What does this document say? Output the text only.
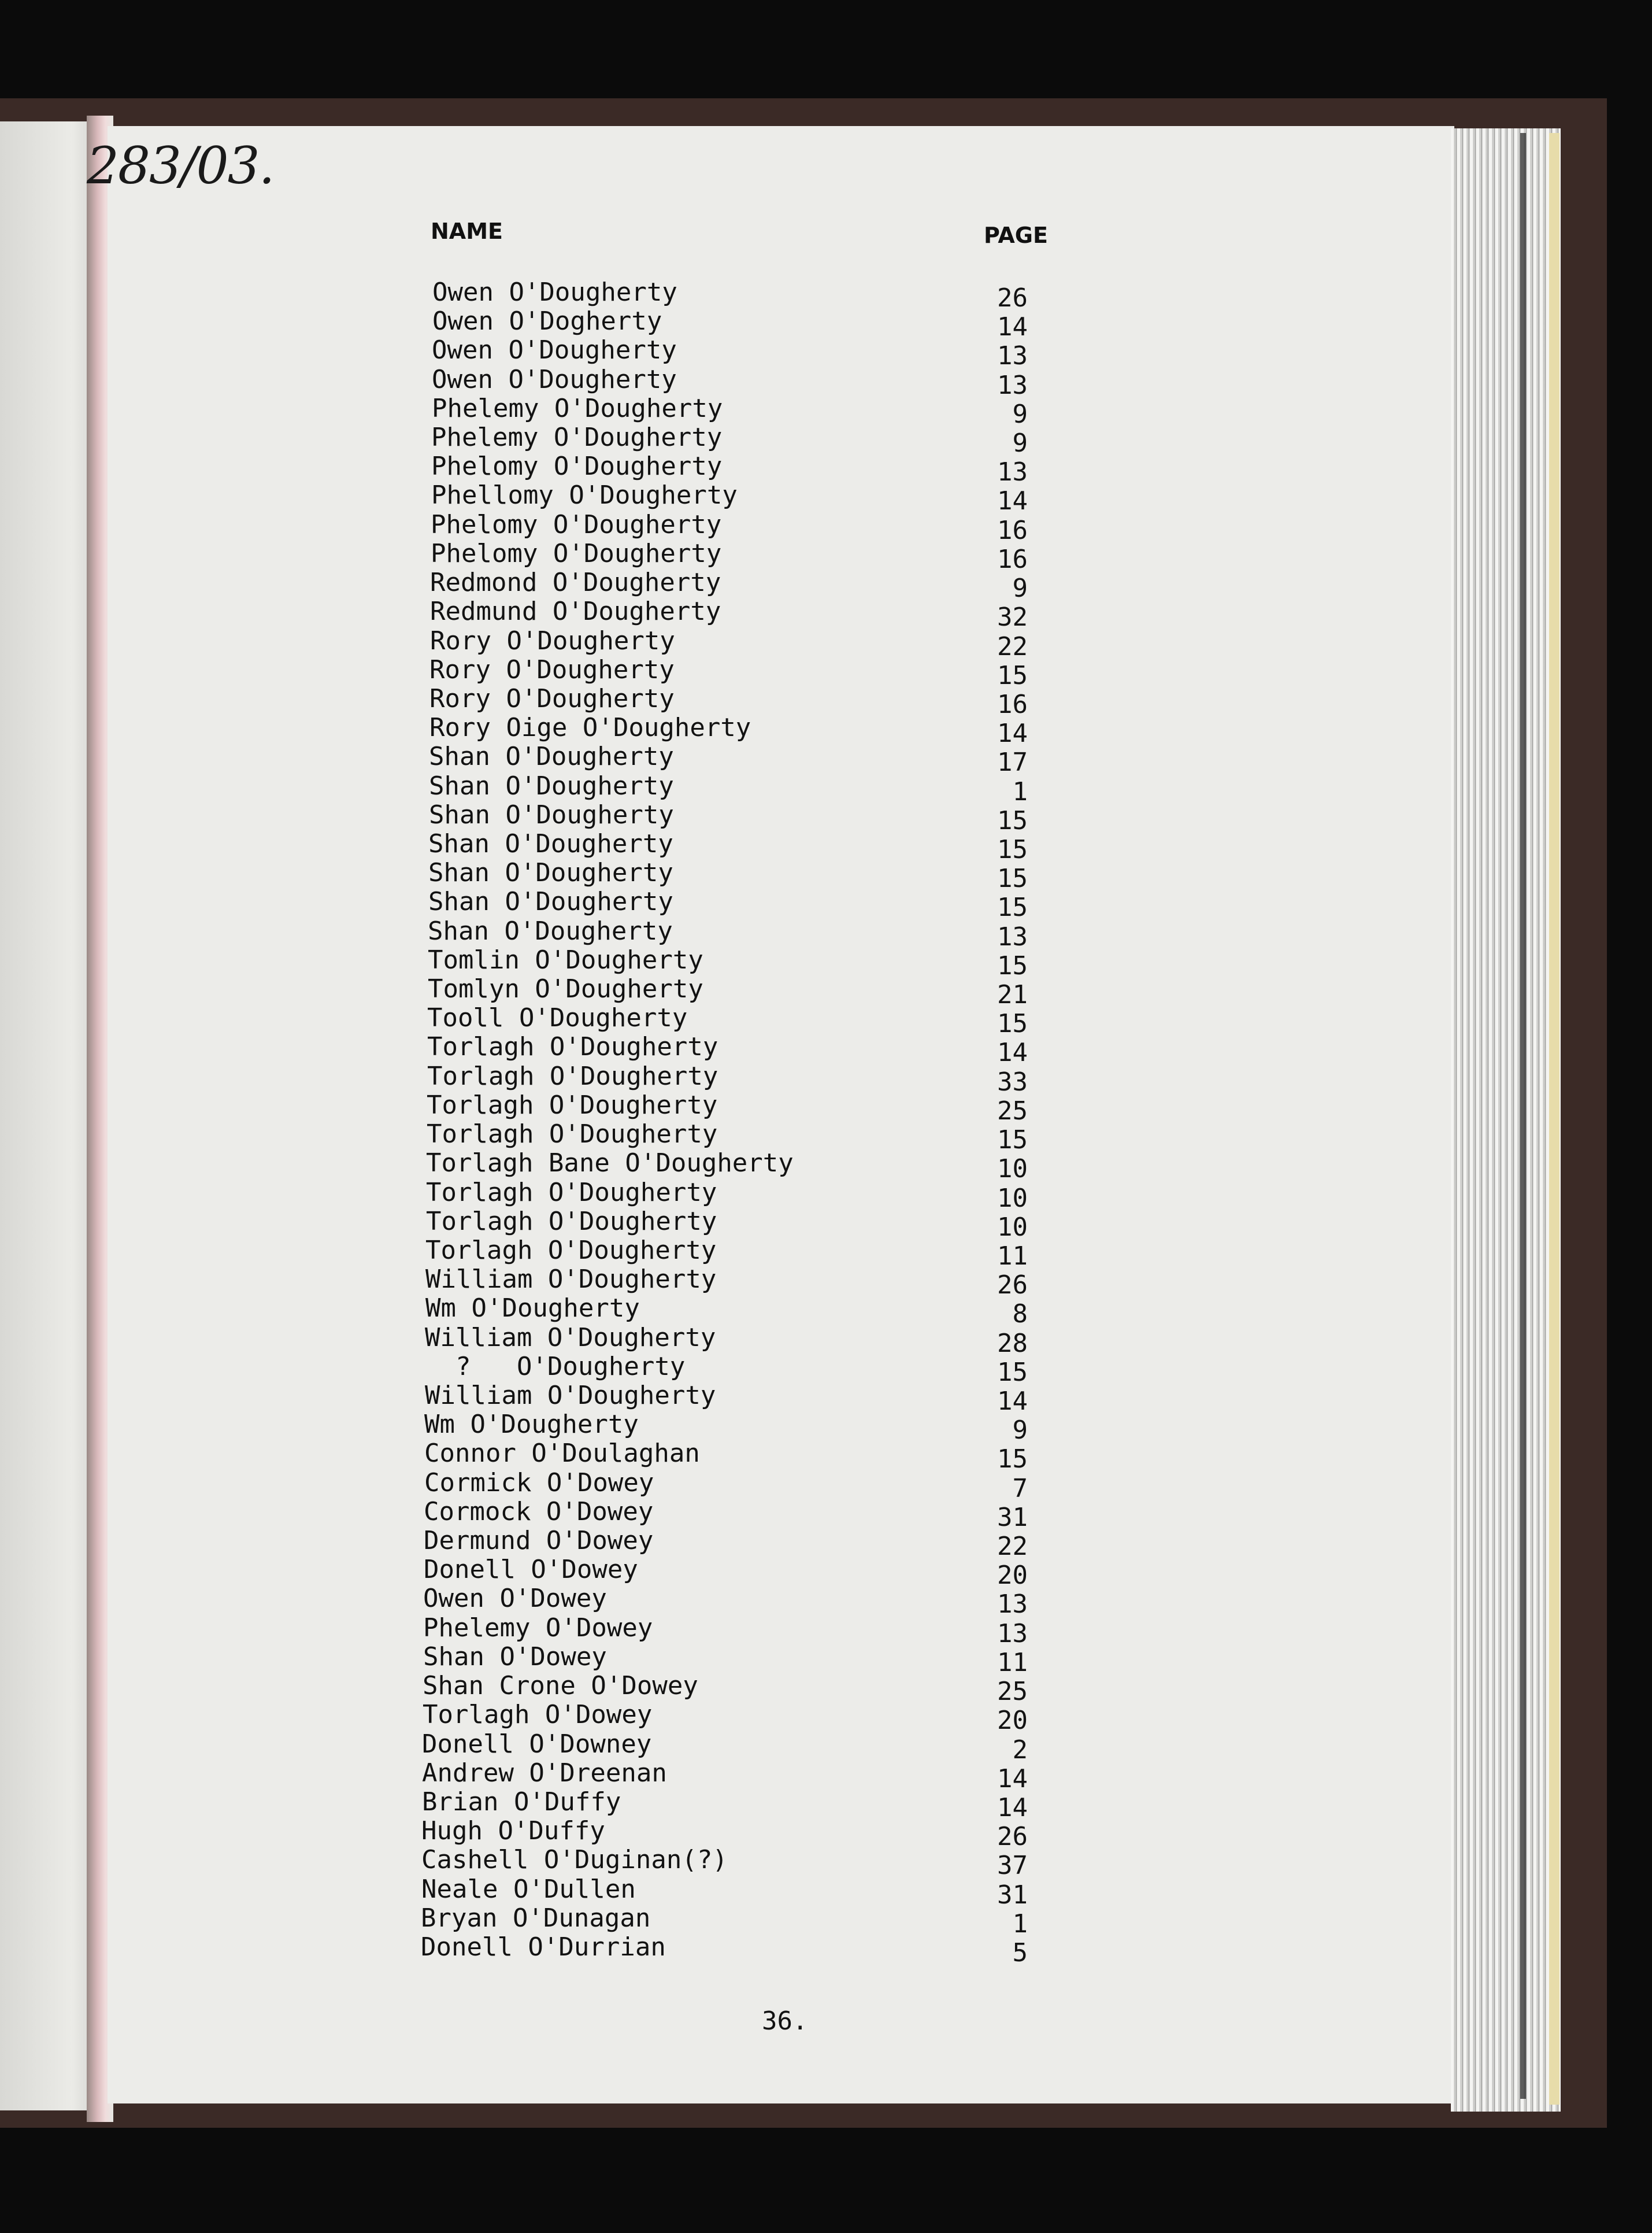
283/03.
NAME	PAGE
Owen O'Dougherty	26
Owen O'Dogherty	14
Owen O'Dougherty	13
Owen O'Dougherty	13
Phelemy O'Dougherty	9
Phelemy O'Dougherty	9
Phelomy O'Dougherty	13
Phellomy O'Dougherty	14
Phelomy O'Dougherty	16
Phelomy O'Dougherty	16
Redmond O'Dougherty	9
Redmund O'Dougherty	32
Rory O'Dougherty	22
Rory O'Dougherty	15
Rory O'Dougherty	16
Rory Oige O'Dougherty	14
Shan O'Dougherty	17
Shan O'Dougherty	1
Shan O'Dougherty	15
Shan O'Dougherty	15
Shan O'Dougherty	15
Shan O'Dougherty	15
Shan O'Dougherty	13
Tomlin O'Dougherty	15
Tomlyn O'Dougherty	21
Tooll O'Dougherty	15
Torlagh O'Dougherty	14
Torlagh O'Dougherty	33
Torlagh O'Dougherty	25
Torlagh O'Dougherty	15
Torlagh Bane O'Dougherty	10
Torlagh O'Dougherty	10
Torlagh O'Dougherty	10
Torlagh O'Dougherty	11
William O'Dougherty	26
Wm O'Dougherty	8
William O'Dougherty	28
?   O'Dougherty	15
William O'Dougherty	14
Wm O'Dougherty	9
Connor O'Doulaghan	15
Cormick O'Dowey	7
Cormock O'Dowey	31
Dermund O'Dowey	22
Donell O'Dowey	20
Owen O'Dowey	13
Phelemy O'Dowey	13
Shan O'Dowey	11
Shan Crone O'Dowey	25
Torlagh O'Dowey	20
Donell O'Downey	2
Andrew O'Dreenan	14
Brian O'Duffy	14
Hugh O'Duffy	26
Cashell O'Duginan(?)	37
Neale O'Dullen	31
Bryan O'Dunagan	1
Donell O'Durrian	5
36.
